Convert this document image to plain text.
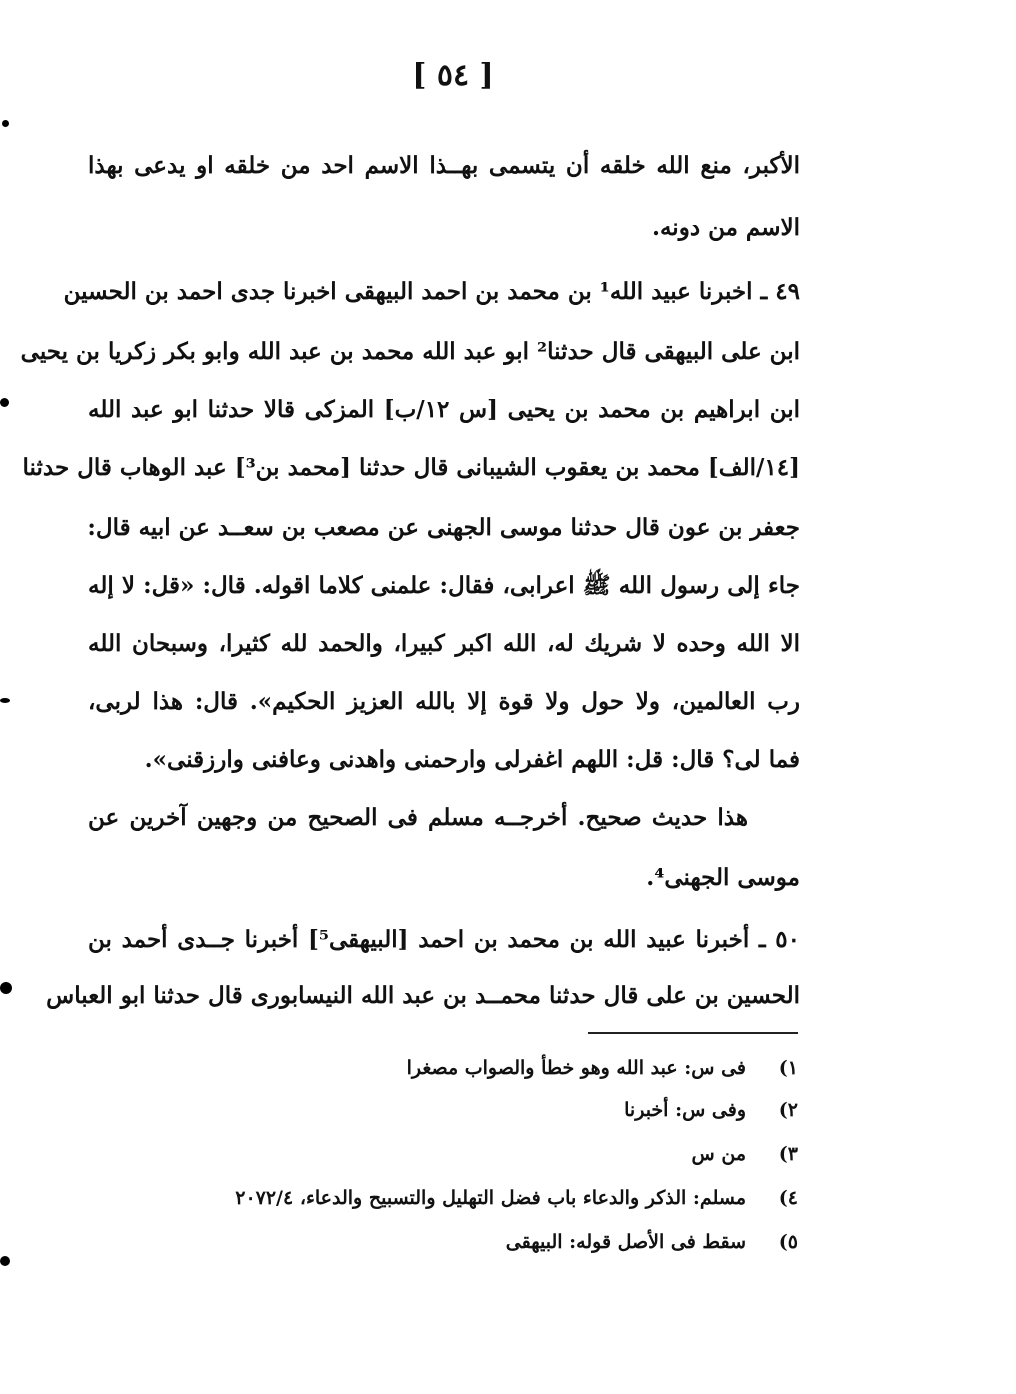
[ ٥٤ ]
الأكبر، منع الله خلقه أن يتسمى بهــذا الاسم احد من خلقه او يدعى بهذا
الاسم من دونه.
٤٩ ـ اخبرنا عبيد الله¹ بن محمد بن احمد البيهقى اخبرنا جدى احمد بن الحسين
ابن على البيهقى قال حدثنا² ابو عبد الله محمد بن عبد الله وابو بكر زكريا بن يحيى
ابن ابراهيم بن محمد بن يحيى [س ١٢/ب] المزكى قالا حدثنا ابو عبد الله
[١٤/الف] محمد بن يعقوب الشيبانى قال حدثنا [محمد بن³] عبد الوهاب قال حدثنا
جعفر بن عون قال حدثنا موسى الجهنى عن مصعب بن سعــد عن ابيه قال:
جاء إلى رسول الله ﷺ اعرابى، فقال: علمنى كلاما اقوله. قال: «قل: لا إله
الا الله وحده لا شريك له، الله اكبر كبيرا، والحمد لله كثيرا، وسبحان الله
رب العالمين، ولا حول ولا قوة إلا بالله العزيز الحكيم». قال: هذا لربى،
فما لى؟ قال: قل: اللهم اغفرلى وارحمنى واهدنى وعافنى وارزقنى».
هذا حديث صحيح. أخرجــه مسلم فى الصحيح من وجهين آخرين عن
موسى الجهنى⁴.
٥٠ ـ أخبرنا عبيد الله بن محمد بن احمد [البيهقى⁵] أخبرنا جــدى أحمد بن
الحسين بن على قال حدثنا محمــد بن عبد الله النيسابورى قال حدثنا ابو العباس
١)فى س: عبد الله وهو خطأ والصواب مصغرا
٢)وفى س: أخبرنا
٣)من س
٤)مسلم: الذكر والدعاء باب فضل التهليل والتسبيح والدعاء، ٢٠٧٢/٤
٥)سقط فى الأصل قوله: البيهقى
